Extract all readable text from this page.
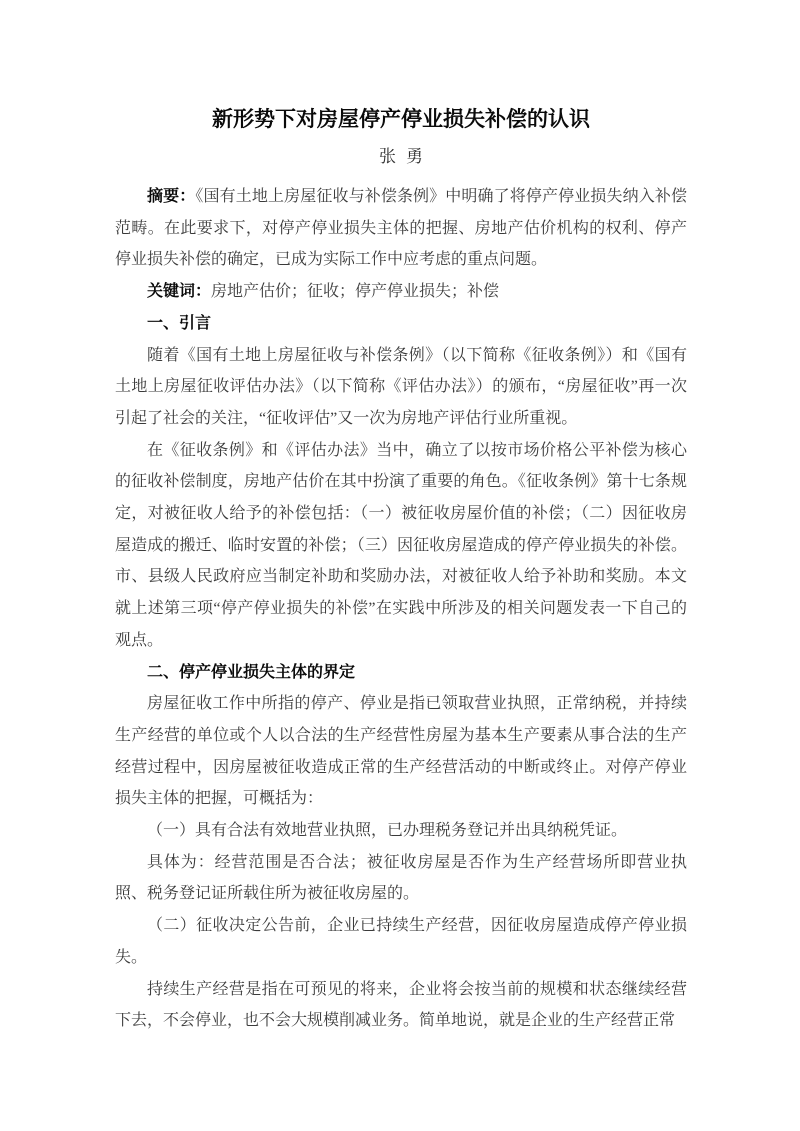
新形势下对房屋停产停业损失补偿的认识
张勇

摘要：《国有土地上房屋征收与补偿条例》中明确了将停产停业损失纳入补偿范畴。在此要求下，对停产停业损失主体的把握、房地产估价机构的权利、停产停业损失补偿的确定，已成为实际工作中应考虑的重点问题。

关键词：房地产估价；征收；停产停业损失；补偿

一、引言

随着《国有土地上房屋征收与补偿条例》（以下简称《征收条例》）和《国有土地上房屋征收评估办法》（以下简称《评估办法》）的颁布，“房屋征收”再一次引起了社会的关注，“征收评估”又一次为房地产评估行业所重视。

在《征收条例》和《评估办法》当中，确立了以按市场价格公平补偿为核心的征收补偿制度，房地产估价在其中扮演了重要的角色。《征收条例》第十七条规定，对被征收人给予的补偿包括：（一）被征收房屋价值的补偿；（二）因征收房屋造成的搬迁、临时安置的补偿；（三）因征收房屋造成的停产停业损失的补偿。市、县级人民政府应当制定补助和奖励办法，对被征收人给予补助和奖励。本文就上述第三项“停产停业损失的补偿”在实践中所涉及的相关问题发表一下自己的观点。

二、停产停业损失主体的界定

房屋征收工作中所指的停产、停业是指已领取营业执照，正常纳税，并持续生产经营的单位或个人以合法的生产经营性房屋为基本生产要素从事合法的生产经营过程中，因房屋被征收造成正常的生产经营活动的中断或终止。对停产停业损失主体的把握，可概括为：

（一）具有合法有效地营业执照，已办理税务登记并出具纳税凭证。

具体为：经营范围是否合法；被征收房屋是否作为生产经营场所即营业执照、税务登记证所载住所为被征收房屋的。

（二）征收决定公告前，企业已持续生产经营，因征收房屋造成停产停业损失。

持续生产经营是指在可预见的将来，企业将会按当前的规模和状态继续经营下去，不会停业，也不会大规模削减业务。简单地说，就是企业的生产经营正常
